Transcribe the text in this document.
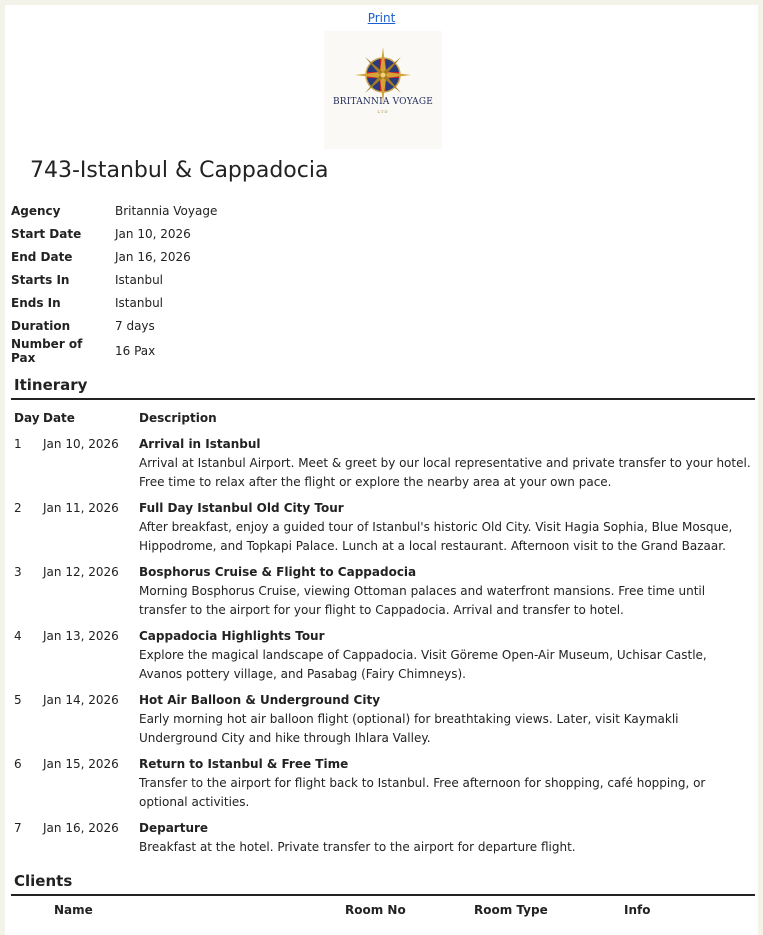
Print
BRITANNIA VOYAGE
LTD
743-Istanbul & Cappadocia
Agency	Britannia Voyage
Start Date	Jan 10, 2026
End Date	Jan 16, 2026
Starts In	Istanbul
Ends In	Istanbul
Duration	7 days
Number of Pax	16 Pax
Itinerary
Day	Date	Description
1	Jan 10, 2026	Arrival in Istanbul
Arrival at Istanbul Airport. Meet & greet by our local representative and private transfer to your hotel. Free time to relax after the flight or explore the nearby area at your own pace.

2	Jan 11, 2026	Full Day Istanbul Old City Tour
After breakfast, enjoy a guided tour of Istanbul's historic Old City. Visit Hagia Sophia, Blue Mosque, Hippodrome, and Topkapi Palace. Lunch at a local restaurant. Afternoon visit to the Grand Bazaar.

3	Jan 12, 2026	Bosphorus Cruise & Flight to Cappadocia
Morning Bosphorus Cruise, viewing Ottoman palaces and waterfront mansions. Free time until transfer to the airport for your flight to Cappadocia. Arrival and transfer to hotel.

4	Jan 13, 2026	Cappadocia Highlights Tour
Explore the magical landscape of Cappadocia. Visit Göreme Open-Air Museum, Uchisar Castle, Avanos pottery village, and Pasabag (Fairy Chimneys).

5	Jan 14, 2026	Hot Air Balloon & Underground City
Early morning hot air balloon flight (optional) for breathtaking views. Later, visit Kaymakli Underground City and hike through Ihlara Valley.

6	Jan 15, 2026	Return to Istanbul & Free Time
Transfer to the airport for flight back to Istanbul. Free afternoon for shopping, café hopping, or optional activities.

7	Jan 16, 2026	Departure
Breakfast at the hotel. Private transfer to the airport for departure flight.
Clients
Name	Room No	Room Type	Info
